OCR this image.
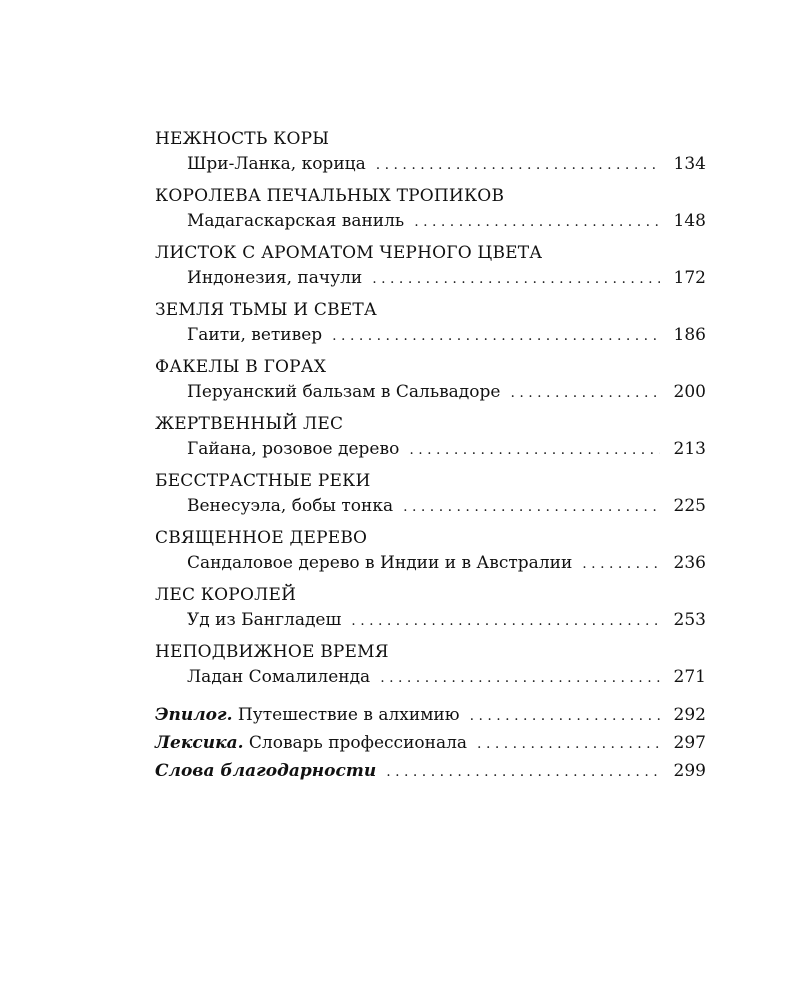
НЕЖНОСТЬ КОРЫ
Шри-Ланка, корица . . .	134
КОРОЛЕВА ПЕЧАЛЬНЫХ ТРОПИКОВ
Мадагаскарская ваниль . . .	148
ЛИСТОК С АРОМАТОМ ЧЕРНОГО ЦВЕТА
Индонезия, пачули . . .	172
ЗЕМЛЯ ТЬМЫ И СВЕТА
Гаити, ветивер . . .	186
ФАКЕЛЫ В ГОРАХ
Перуанский бальзам в Сальвадоре . . .	200
ЖЕРТВЕННЫЙ ЛЕС
Гайана, розовое дерево . . .	213
БЕССТРАСТНЫЕ РЕКИ
Венесуэла, бобы тонка . . .	225
СВЯЩЕННОЕ ДЕРЕВО
Сандаловое дерево в Индии и в Австралии . . .	236
ЛЕС КОРОЛЕЙ
Уд из Бангладеш . . .	253
НЕПОДВИЖНОЕ ВРЕМЯ
Ладан Сомалиленда . . .	271
Эпилог. Путешествие в алхимию . . .	292
Лексика. Словарь профессионала . . .	297
Слова благодарности . . .	299
